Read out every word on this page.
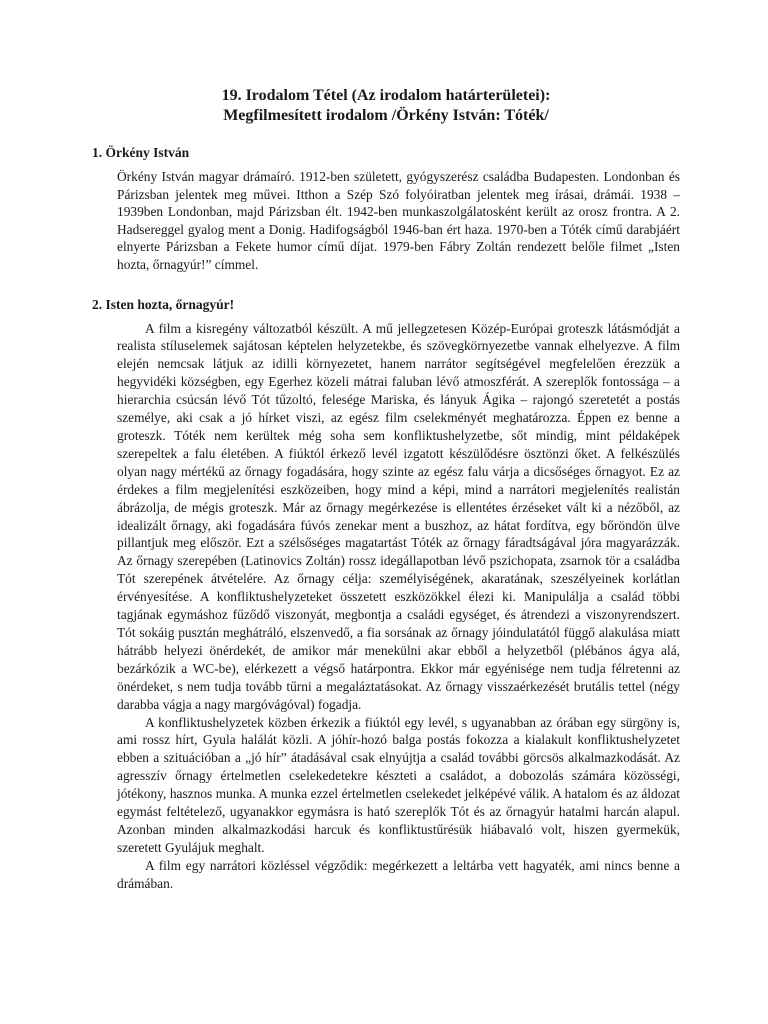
19. Irodalom Tétel (Az irodalom határterületei):
Megfilmesített irodalom /Örkény István: Tóték/
1. Örkény István

Örkény István magyar drámaíró. 1912-ben született, gyógyszerész családba Budapesten. Londonban és Párizsban jelentek meg művei. Itthon a Szép Szó folyóiratban jelentek meg írásai, drámái. 1938 – 1939ben Londonban, majd Párizsban élt. 1942-ben munkaszolgálatosként került az orosz frontra. A 2. Hadsereggel gyalog ment a Donig. Hadifogságból 1946-ban ért haza. 1970-ben a Tóték című darabjáért elnyerte Párizsban a Fekete humor című díjat. 1979-ben Fábry Zoltán rendezett belőle filmet „Isten hozta, őrnagyúr!” címmel.

2. Isten hozta, őrnagyúr!

A film a kisregény változatból készült. A mű jellegzetesen Közép-Európai groteszk látásmódját a realista stíluselemek sajátosan képtelen helyzetekbe, és szövegkörnyezetbe vannak elhelyezve. A film elején nemcsak látjuk az idilli környezetet, hanem narrátor segítségével megfelelően érezzük a hegyvidéki községben, egy Egerhez közeli mátrai faluban lévő atmoszférát. A szereplők fontossága – a hierarchia csúcsán lévő Tót tűzoltó, felesége Mariska, és lányuk Ágika – rajongó szeretetét a postás személye, aki csak a jó hírket viszi, az egész film cselekményét meghatározza. Éppen ez benne a groteszk. Tóték nem kerültek még soha sem konfliktushelyzetbe, sőt mindig, mint példaképek szerepeltek a falu életében. A fiúktól érkező levél izgatott készülődésre ösztönzi őket. A felkészülés olyan nagy mértékű az őrnagy fogadására, hogy szinte az egész falu várja a dicsőséges őrnagyot. Ez az érdekes a film megjelenítési eszközeiben, hogy mind a képi, mind a narrátori megjelenítés realistán ábrázolja, de mégis groteszk. Már az őrnagy megérkezése is ellentétes érzéseket vált ki a nézőből, az idealizált őrnagy, aki fogadására fúvós zenekar ment a buszhoz, az hátat fordítva, egy bőröndön ülve pillantjuk meg először. Ezt a szélsőséges magatartást Tóték az őrnagy fáradtságával jóra magyarázzák. Az őrnagy szerepében (Latinovics Zoltán) rossz idegállapotban lévő pszichopata, zsarnok tör a családba Tót szerepének átvételére. Az őrnagy célja: személyiségének, akaratának, szeszélyeinek korlátlan érvényesítése. A konfliktushelyzeteket összetett eszközökkel élezi ki. Manipulálja a család többi tagjának egymáshoz fűződő viszonyát, megbontja a családi egységet, és átrendezi a viszonyrendszert. Tót sokáig pusztán meghátráló, elszenvedő, a fia sorsának az őrnagy jóindulatától függő alakulása miatt hátrább helyezi önérdekét, de amikor már menekülni akar ebből a helyzetből (plébános ágya alá, bezárkózik a WC-be), elérkezett a végső határpontra. Ekkor már egyénisége nem tudja félretenni az önérdeket, s nem tudja tovább tűrni a megaláztatásokat. Az őrnagy visszaérkezését brutális tettel (négy darabba vágja a nagy margóvágóval) fogadja.

A konfliktushelyzetek közben érkezik a fiúktól egy levél, s ugyanabban az órában egy sürgöny is, ami rossz hírt, Gyula halálát közli. A jóhír-hozó balga postás fokozza a kialakult konfliktushelyzetet ebben a szituációban a „jó hír” átadásával csak elnyújtja a család további görcsös alkalmazkodását. Az agresszív őrnagy értelmetlen cselekedetekre készteti a családot, a dobozolás számára közösségi, jótékony, hasznos munka. A munka ezzel értelmetlen cselekedet jelképévé válik. A hatalom és az áldozat egymást feltételező, ugyanakkor egymásra is ható szereplők Tót és az őrnagyúr hatalmi harcán alapul. Azonban minden alkalmazkodási harcuk és konfliktustűrésük hiábavaló volt, hiszen gyermekük, szeretett Gyulájuk meghalt.

A film egy narrátori közléssel végződik: megérkezett a leltárba vett hagyaték, ami nincs benne a drámában.
